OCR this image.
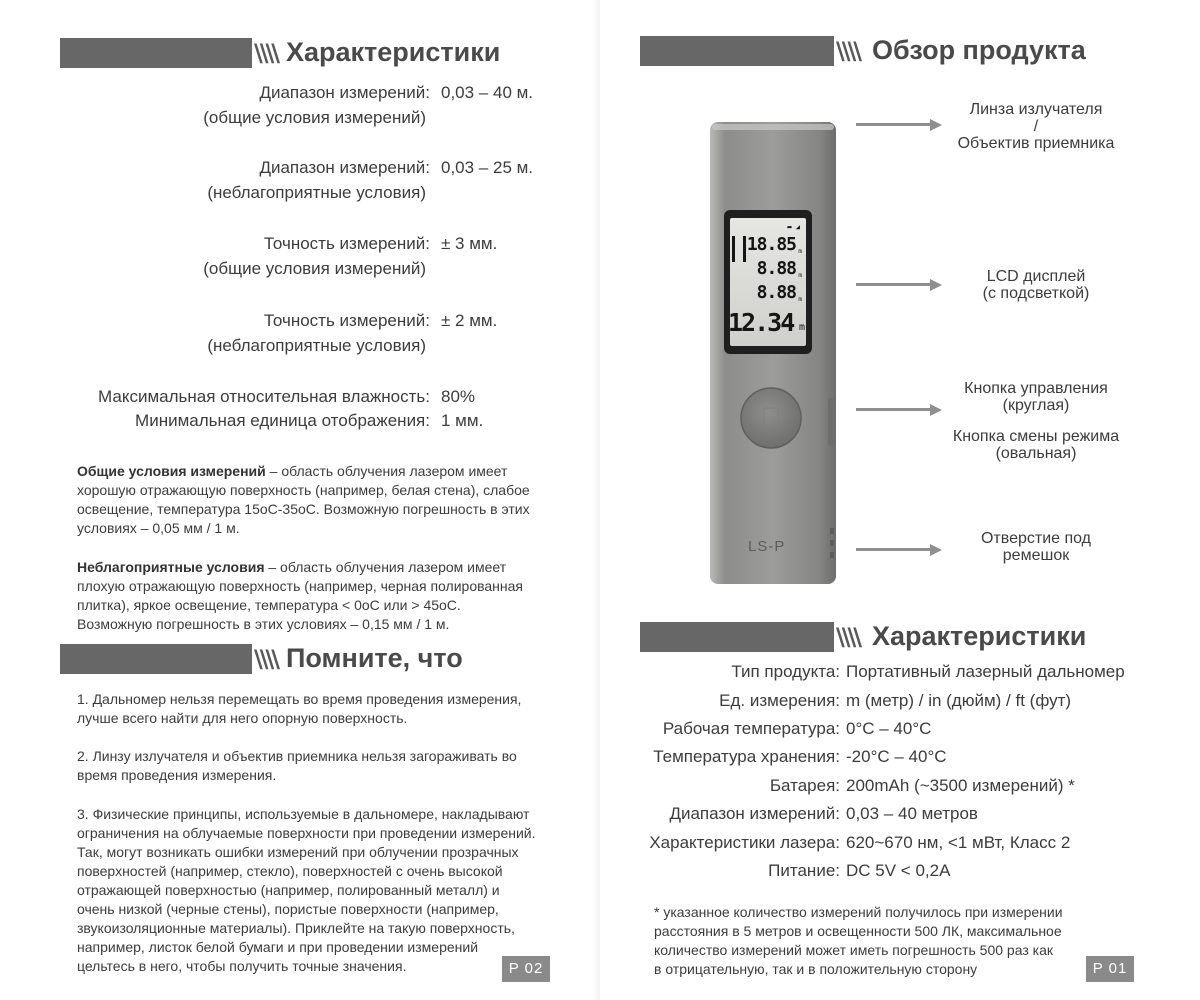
\\\\ Характеристики
Диапазон измерений: 0,03 – 40 м.
(общие условия измерений)
Диапазон измерений: 0,03 – 25 м.
(неблагоприятные условия)
Точность измерений: ± 3 мм.
(общие условия измерений)
Точность измерений: ± 2 мм.
(неблагоприятные условия)
Максимальная относительная влажность: 80%
Минимальная единица отображения: 1 мм.
Общие условия измерений – область облучения лазером имеет
хорошую отражающую поверхность (например, белая стена), слабое
освещение, температура 15оС-35оС. Возможную погрешность в этих
условиях – 0,05 мм / 1 м.
Неблагоприятные условия – область облучения лазером имеет
плохую отражающую поверхность (например, черная полированная
плитка), яркое освещение, температура < 0оС или > 45оС.
Возможную погрешность в этих условиях – 0,15 мм / 1 м.
\\\\ Помните, что
1. Дальномер нельзя перемещать во время проведения измерения,
лучше всего найти для него опорную поверхность.
2. Линзу излучателя и объектив приемника нельзя загораживать во
время проведения измерения.
3. Физические принципы, используемые в дальномере, накладывают
ограничения на облучаемые поверхности при проведении измерений.
Так, могут возникать ошибки измерений при облучении прозрачных
поверхностей (например, стекло), поверхностей с очень высокой
отражающей поверхностью (например, полированный металл) и
очень низкой (черные стены), пористые поверхности (например,
звукоизоляционные материалы). Приклейте на такую поверхность,
например, листок белой бумаги и при проведении измерений
цельтесь в него, чтобы получить точные значения.	P 02
\\\\ Обзор продукта
▬ ◢
18.85 m
8.88 m
8.88 m
12.34 m
LS-P
Линза излучателя
/
Объектив приемника
LCD дисплей
(с подсветкой)
Кнопка управления
(круглая)
Кнопка смены режима
(овальная)
Отверстие под
ремешок
\\\\ Характеристики
Тип продукта: Портативный лазерный дальномер
Ед. измерения: m (метр) / in (дюйм) / ft (фут)
Рабочая температура: 0°C – 40°C
Температура хранения: -20°C – 40°C
Батарея: 200mAh (~3500 измерений) *
Диапазон измерений: 0,03 – 40 метров
Характеристики лазера: 620~670 нм, <1 мВт, Класс 2
Питание: DC 5V < 0,2A
* указанное количество измерений получилось при измерении
расстояния в 5 метров и освещенности 500 ЛК, максимальное
количество измерений может иметь погрешность 500 раз как
в отрицательную, так и в положительную сторону	P 01
